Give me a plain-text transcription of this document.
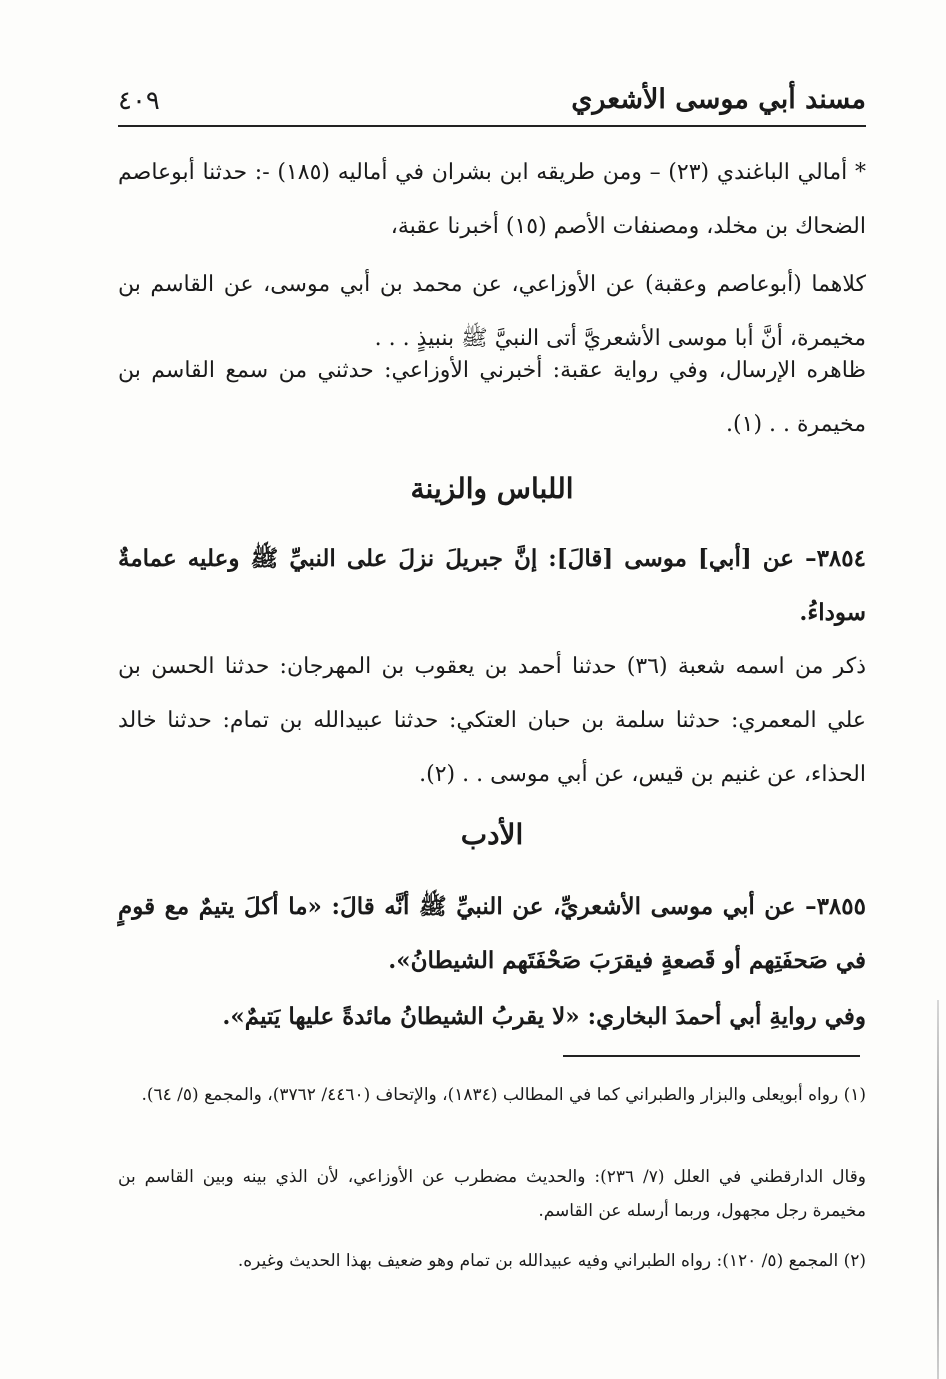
مسند أبي موسى الأشعري
٤٠٩
* أمالي الباغندي (٢٣) – ومن طريقه ابن بشران في أماليه (١٨٥) -: حدثنا أبوعاصم الضحاك بن مخلد، ومصنفات الأصم (١٥) أخبرنا عقبة،
كلاهما (أبوعاصم وعقبة) عن الأوزاعي، عن محمد بن أبي موسى، عن القاسم بن مخيمرة، أنَّ أبا موسى الأشعريَّ أتى النبيَّ ﷺ بنبيذٍ . . .
ظاهره الإرسال، وفي رواية عقبة: أخبرني الأوزاعي: حدثني من سمع القاسم بن مخيمرة . . (١).
اللباس والزينة
٣٨٥٤– عن [أبي] موسى [قالَ]: إنَّ جبريلَ نزلَ على النبيِّ ﷺ وعليه عمامةٌ سوداءُ.
ذكر من اسمه شعبة (٣٦) حدثنا أحمد بن يعقوب بن المهرجان: حدثنا الحسن بن علي المعمري: حدثنا سلمة بن حبان العتكي: حدثنا عبيدالله بن تمام: حدثنا خالد الحذاء، عن غنيم بن قيس، عن أبي موسى . . (٢).
الأدب
٣٨٥٥– عن أبي موسى الأشعريِّ، عن النبيِّ ﷺ أنَّه قالَ: «ما أكلَ يتيمٌ مع قومٍ في صَحفَتِهم أو قَصعةٍ فيقرَبَ صَحْفَتَهم الشيطانُ».
وفي روايةِ أبي أحمدَ البخاري: «لا يقربُ الشيطانُ مائدةً عليها يَتيمٌ».
(١) رواه أبويعلى والبزار والطبراني كما في المطالب (١٨٣٤)، والإتحاف (٤٤٦٠/ ٣٧٦٢)، والمجمع (٥/ ٦٤).
وقال الدارقطني في العلل (٧/ ٢٣٦): والحديث مضطرب عن الأوزاعي، لأن الذي بينه وبين القاسم بن مخيمرة رجل مجهول، وربما أرسله عن القاسم.
(٢) المجمع (٥/ ١٢٠): رواه الطبراني وفيه عبيدالله بن تمام وهو ضعيف بهذا الحديث وغيره.
